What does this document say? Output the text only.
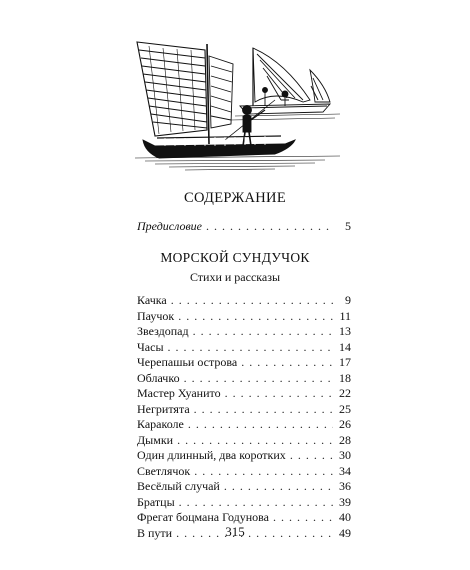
СОДЕРЖАНИЕ
Предисловие . . .	5
МОРСКОЙ СУНДУЧОК
Стихи и рассказы
Качка . . .	9
Паучок . . .	11
Звездопад . . .	13
Часы . . .	14
Черепашьи острова . . .	17
Облачко . . .	18
Мастер Хуанито . . .	22
Негритята . . .	25
Караколе . . .	26
Дымки . . .	28
Один длинный, два коротких . . .	30
Светлячок . . .	34
Весёлый случай . . .	36
Братцы . . .	39
Фрегат боцмана Годунова . . .	40
В пути . . .	49
315
